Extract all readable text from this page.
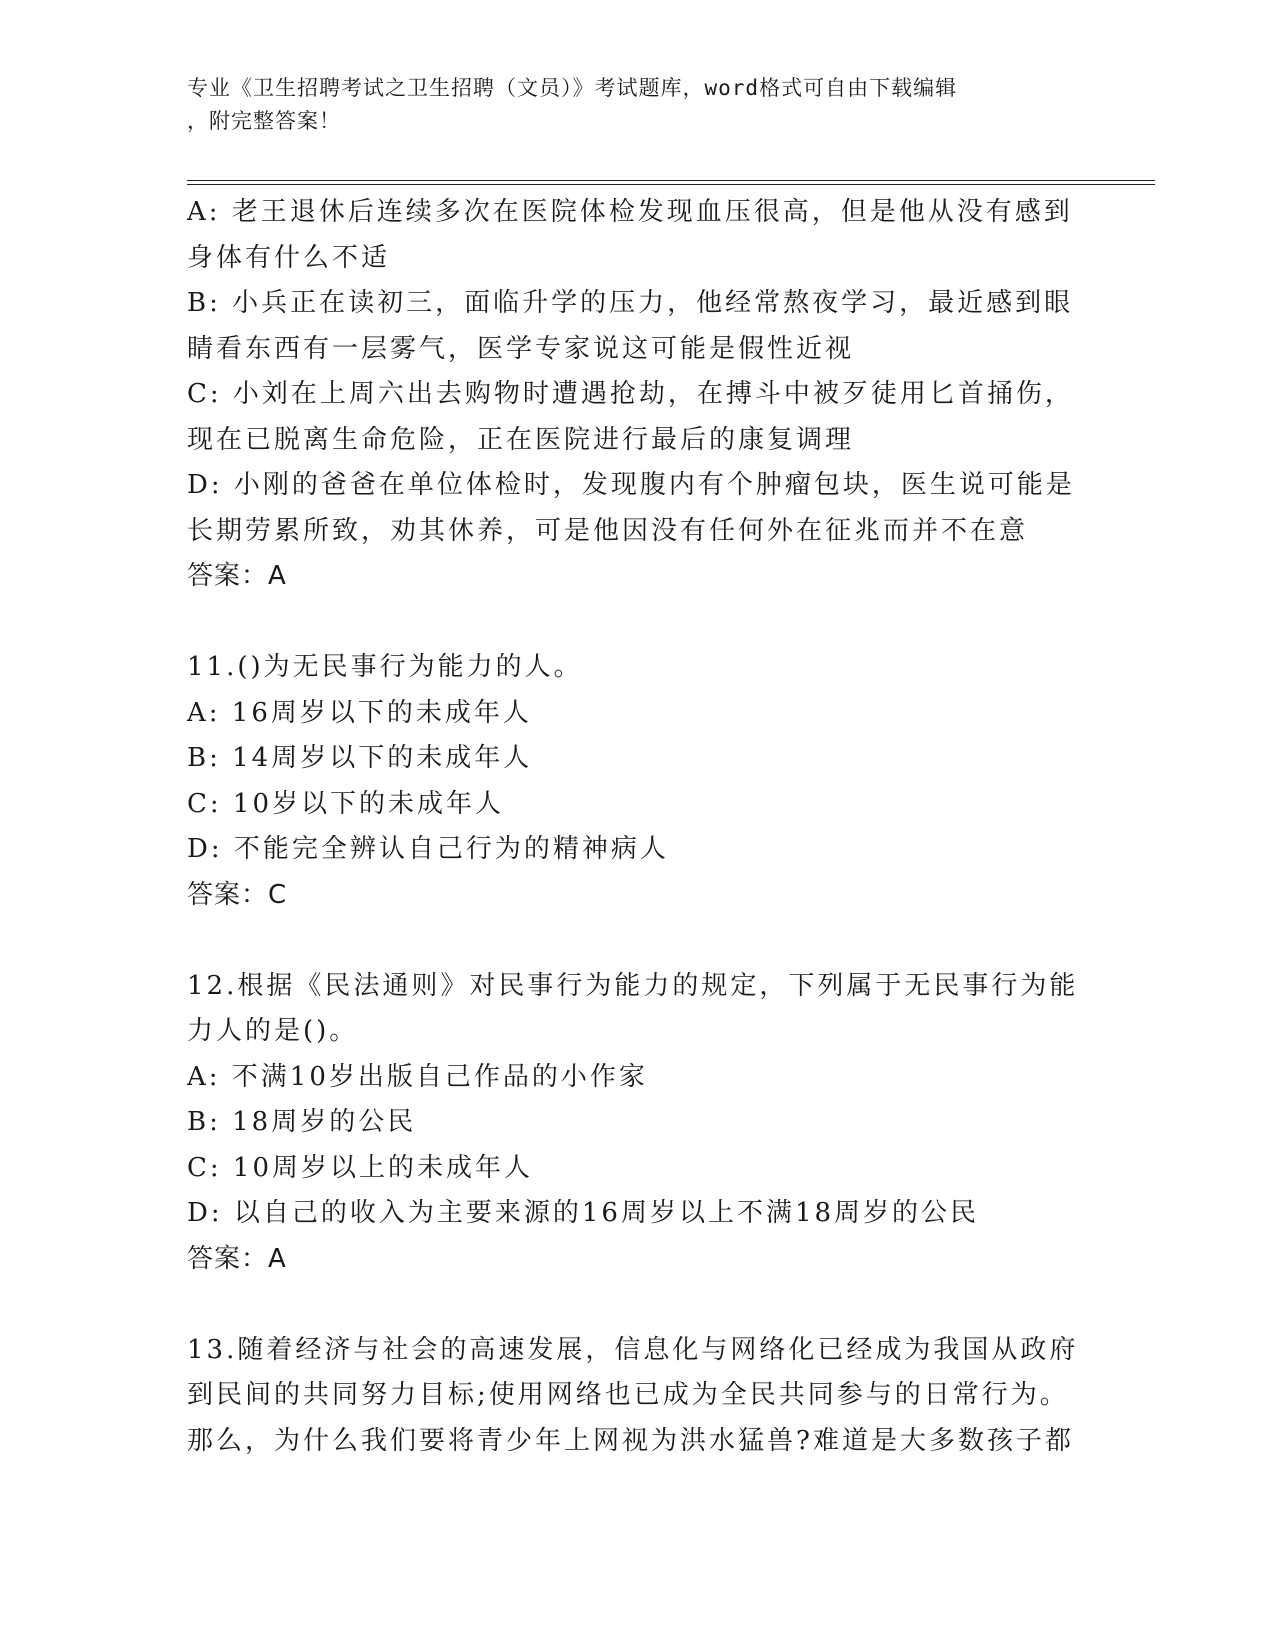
专业《卫生招聘考试之卫生招聘（文员）》考试题库，word格式可自由下载编辑
，附完整答案！
A: 老王退休后连续多次在医院体检发现血压很高，但是他从没有感到
身体有什么不适
B: 小兵正在读初三，面临升学的压力，他经常熬夜学习，最近感到眼
睛看东西有一层雾气，医学专家说这可能是假性近视
C: 小刘在上周六出去购物时遭遇抢劫，在搏斗中被歹徒用匕首捅伤，
现在已脱离生命危险，正在医院进行最后的康复调理
D: 小刚的爸爸在单位体检时，发现腹内有个肿瘤包块，医生说可能是
长期劳累所致，劝其休养，可是他因没有任何外在征兆而并不在意
答案：A
11.()为无民事行为能力的人。
A: 16周岁以下的未成年人
B: 14周岁以下的未成年人
C: 10岁以下的未成年人
D: 不能完全辨认自己行为的精神病人
答案：C
12.根据《民法通则》对民事行为能力的规定，下列属于无民事行为能
力人的是()。
A: 不满10岁出版自己作品的小作家
B: 18周岁的公民
C: 10周岁以上的未成年人
D: 以自己的收入为主要来源的16周岁以上不满18周岁的公民
答案：A
13.随着经济与社会的高速发展，信息化与网络化已经成为我国从政府
到民间的共同努力目标;使用网络也已成为全民共同参与的日常行为。
那么，为什么我们要将青少年上网视为洪水猛兽?难道是大多数孩子都
